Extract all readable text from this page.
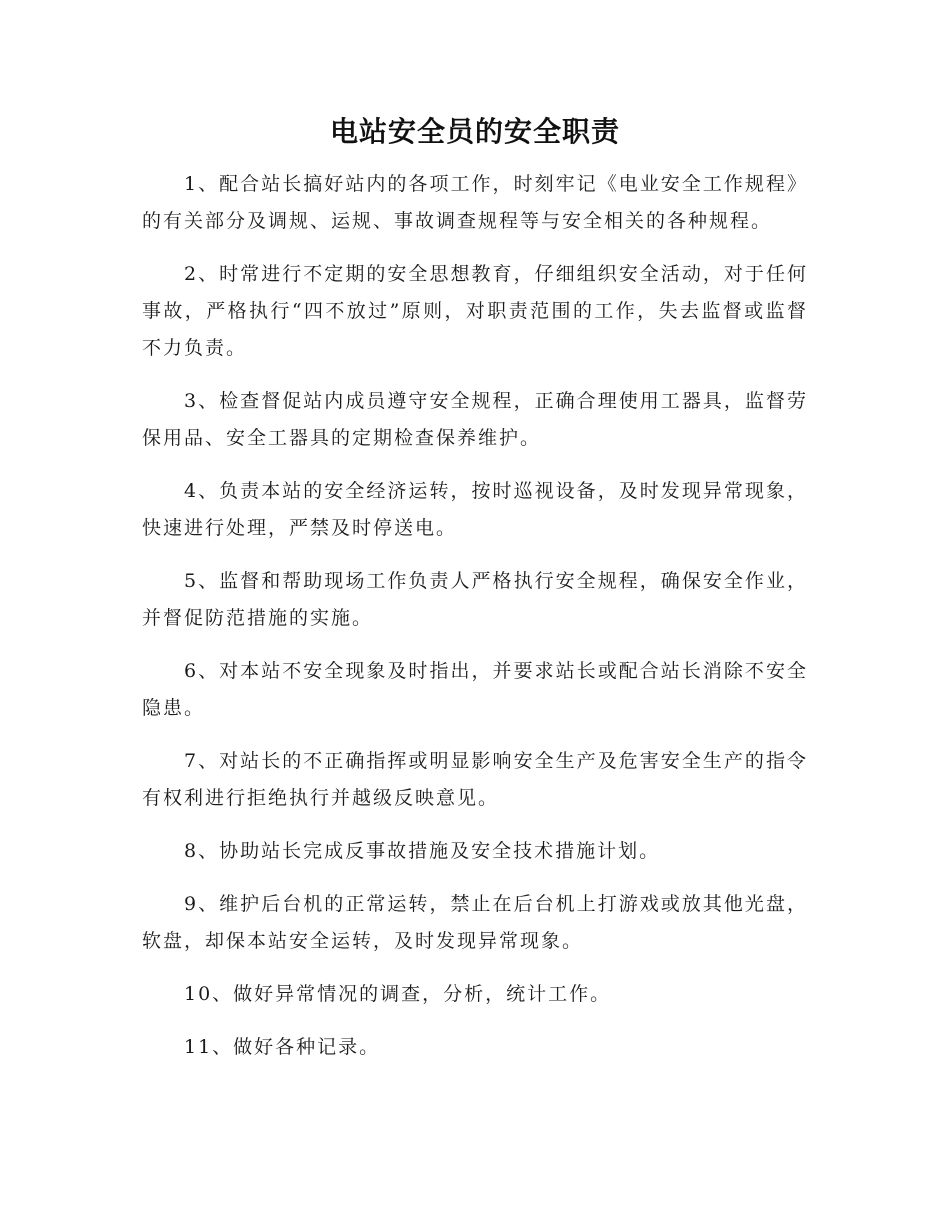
电站安全员的安全职责

1、配合站长搞好站内的各项工作，时刻牢记《电业安全工作规程》的有关部分及调规、运规、事故调查规程等与安全相关的各种规程。

2、时常进行不定期的安全思想教育，仔细组织安全活动，对于任何事故，严格执行“四不放过”原则，对职责范围的工作，失去监督或监督不力负责。

3、检查督促站内成员遵守安全规程，正确合理使用工器具，监督劳保用品、安全工器具的定期检查保养维护。

4、负责本站的安全经济运转，按时巡视设备，及时发现异常现象，快速进行处理，严禁及时停送电。

5、监督和帮助现场工作负责人严格执行安全规程，确保安全作业，并督促防范措施的实施。

6、对本站不安全现象及时指出，并要求站长或配合站长消除不安全隐患。

7、对站长的不正确指挥或明显影响安全生产及危害安全生产的指令有权利进行拒绝执行并越级反映意见。

8、协助站长完成反事故措施及安全技术措施计划。

9、维护后台机的正常运转，禁止在后台机上打游戏或放其他光盘，软盘，却保本站安全运转，及时发现异常现象。

10、做好异常情况的调查，分析，统计工作。

11、做好各种记录。
